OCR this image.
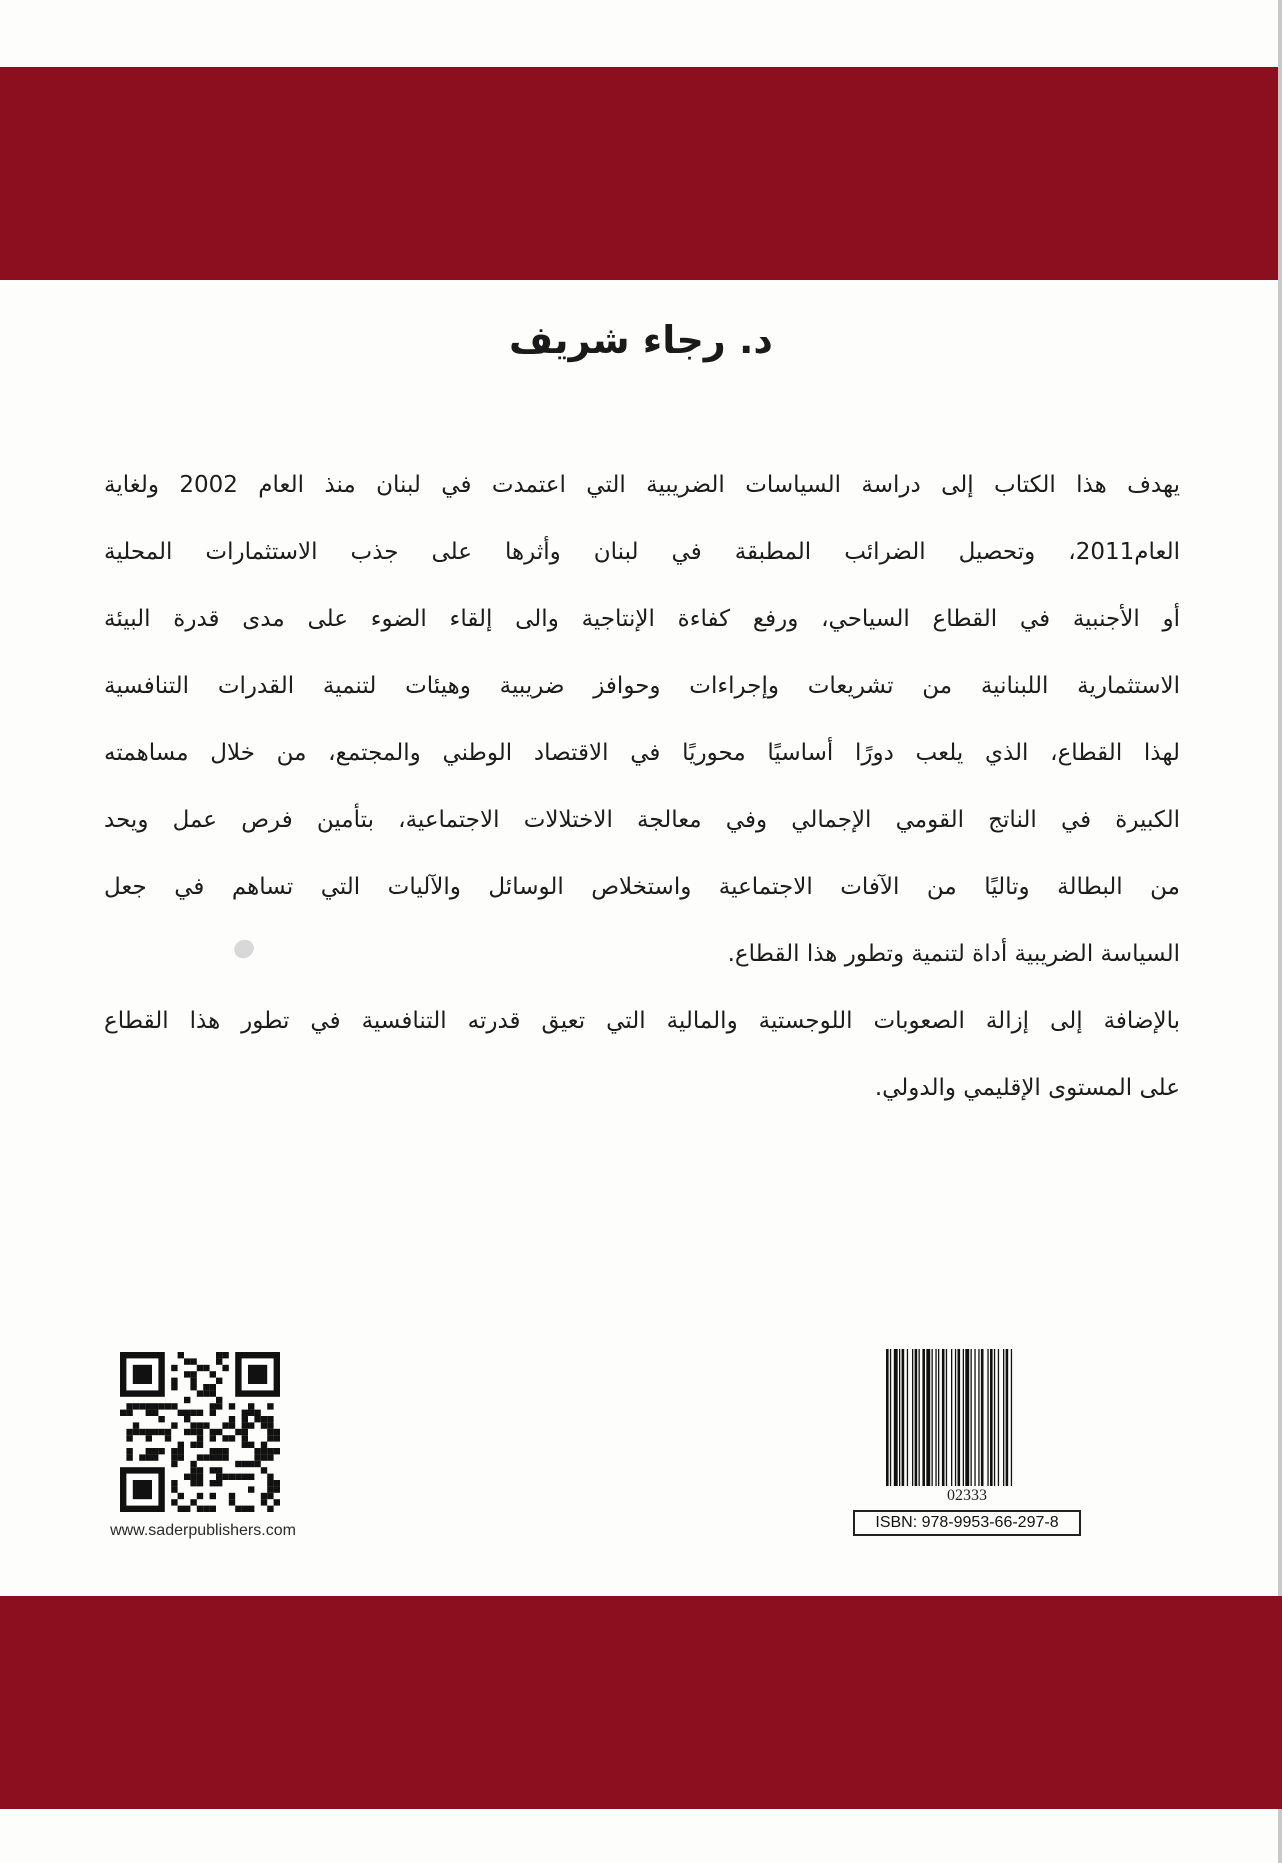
د. رجاء شريف

يهدف هذا الكتاب إلى دراسة السياسات الضريبية التي اعتمدت في لبنان منذ العام 2002 ولغاية

العام2011، وتحصيل الضرائب المطبقة في لبنان وأثرها على جذب الاستثمارات المحلية

أو الأجنبية في القطاع السياحي، ورفع كفاءة الإنتاجية والى إلقاء الضوء على مدى قدرة البيئة

الاستثمارية اللبنانية من تشريعات وإجراءات وحوافز ضريبية وهيئات لتنمية القدرات التنافسية

لهذا القطاع، الذي يلعب دورًا أساسيًا محوريًا في الاقتصاد الوطني والمجتمع، من خلال مساهمته

الكبيرة في الناتج القومي الإجمالي وفي معالجة الاختلالات الاجتماعية، بتأمين فرص عمل ويحد

من البطالة وتاليًا من الآفات الاجتماعية واستخلاص الوسائل والآليات التي تساهم في جعل

السياسة الضريبية أداة لتنمية وتطور هذا القطاع.

بالإضافة إلى إزالة الصعوبات اللوجستية والمالية التي تعيق قدرته التنافسية في تطور هذا القطاع

على المستوى الإقليمي والدولي.

www.saderpublishers.com
02333
ISBN: 978-9953-66-297-8
